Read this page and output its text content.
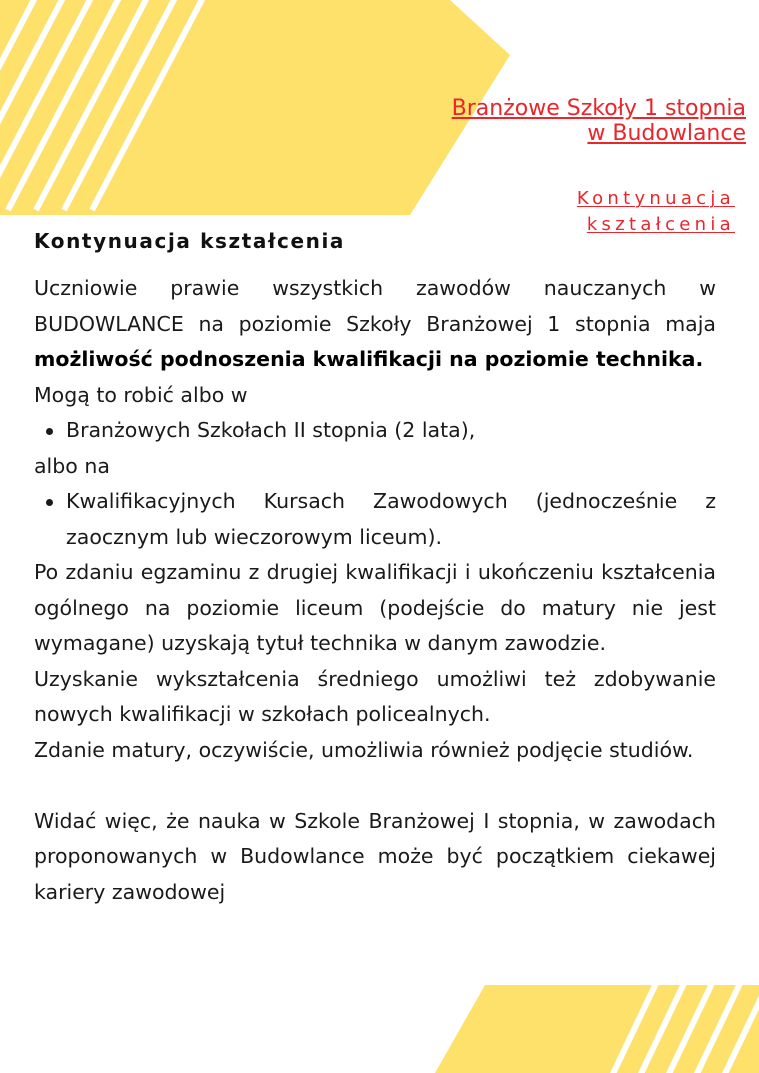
Branżowe Szkoły 1 stopnia
w Budowlance
Kontynuacja
kształcenia
Kontynuacja kształcenia

Uczniowie prawie wszystkich zawodów nauczanych w BUDOWLANCE na poziomie Szkoły Branżowej 1 stopnia maja możliwość podnoszenia kwalifikacji na poziomie technika.

Mogą to robić albo w

Branżowych Szkołach II stopnia (2 lata),

albo na

Kwalifikacyjnych Kursach Zawodowych (jednocześnie z zaocznym lub wieczorowym liceum).

Po zdaniu egzaminu z drugiej kwalifikacji i ukończeniu kształcenia ogólnego na poziomie liceum (podejście do matury nie jest wymagane) uzyskają tytuł technika w danym zawodzie.

Uzyskanie wykształcenia średniego umożliwi też zdobywanie nowych kwalifikacji w szkołach policealnych.

Zdanie matury, oczywiście, umożliwia również podjęcie studiów.

Widać więc, że nauka w Szkole Branżowej I stopnia, w zawodach proponowanych w Budowlance może być początkiem ciekawej kariery zawodowej
